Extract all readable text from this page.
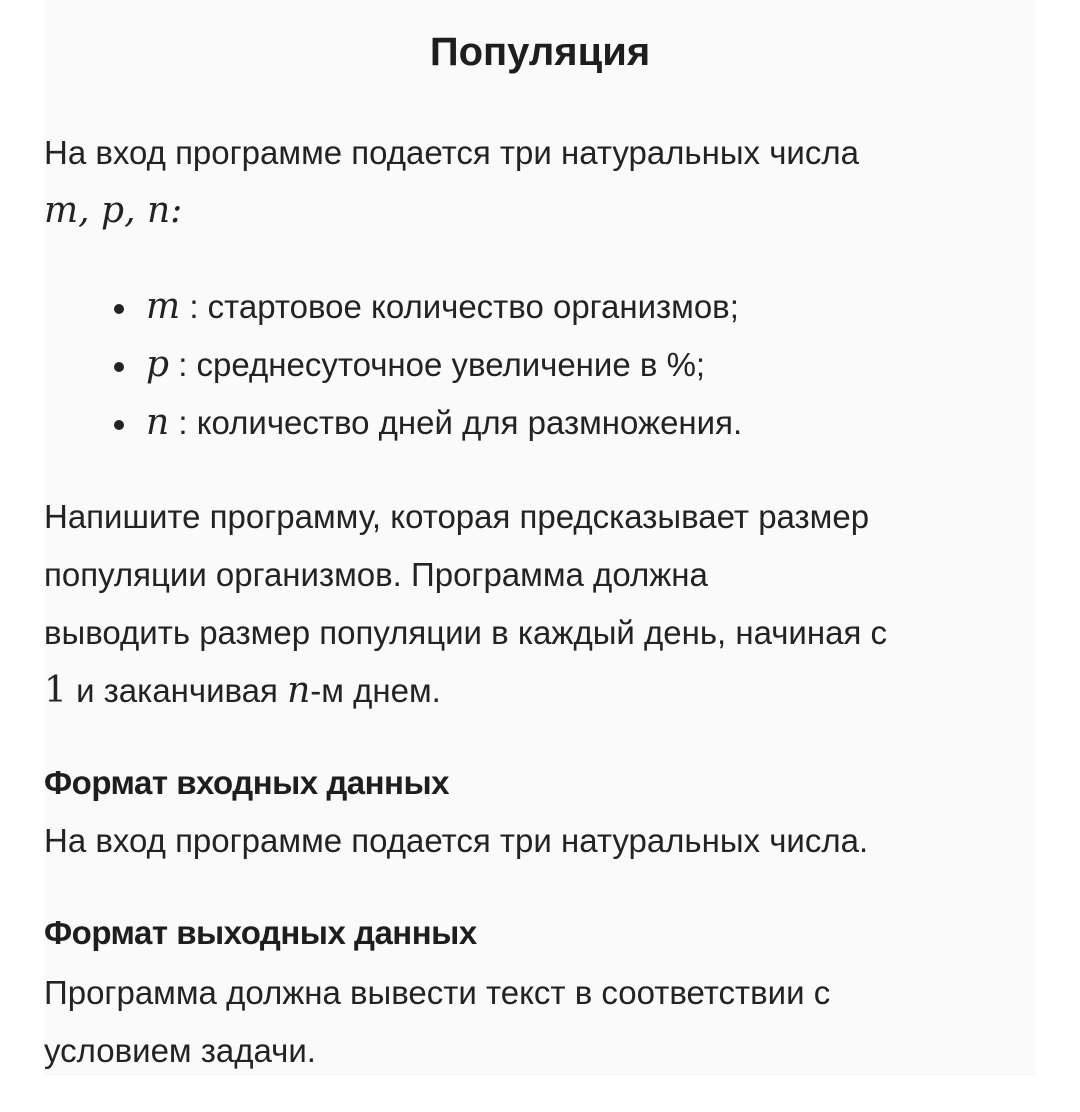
Популяция

На вход программе подается три натуральных числа

m, p, n:

m : стартовое количество организмов;
p : среднесуточное увеличение в %;
n : количество дней для размножения.

Напишите программу, которая предсказывает размер

популяции организмов. Программа должна

выводить размер популяции в каждый день, начиная с

1 и заканчивая n-м днем.

Формат входных данных

На вход программе подается три натуральных числа.

Формат выходных данных

Программа должна вывести текст в соответствии с

условием задачи.
